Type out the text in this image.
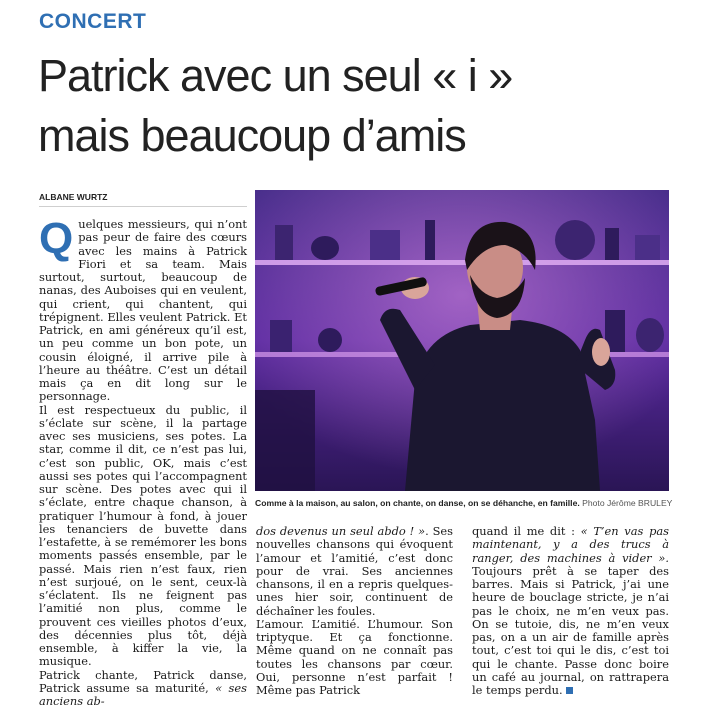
CONCERT
Patrick avec un seul « i »
mais beaucoup d’amis
ALBANE WURTZ

Quelques messieurs, qui n’ont pas peur de faire des cœurs avec les mains à Patrick Fiori et sa team. Mais surtout, surtout, beaucoup de nanas, des Auboises qui en veulent, qui crient, qui chantent, qui trépignent. Elles veulent Patrick. Et Patrick, en ami généreux qu’il est, un peu comme un bon pote, un cousin éloigné, il arrive pile à l’heure au théâtre. C’est un détail mais ça en dit long sur le personnage.

Il est respectueux du public, il s’éclate sur scène, il la partage avec ses musiciens, ses potes. La star, comme il dit, ce n’est pas lui, c’est son public, OK, mais c’est aussi ses potes qui l’accompagnent sur scène. Des potes avec qui il s’éclate, entre chaque chanson, à pratiquer l’humour à fond, à jouer les tenanciers de buvette dans l’estafette, à se remémorer les bons moments passés ensemble, par le passé. Mais rien n’est faux, rien n’est surjoué, on le sent, ceux-là s’éclatent. Ils ne feignent pas l’amitié non plus, comme le prouvent ces vieilles photos d’eux, des décennies plus tôt, déjà ensemble, à kiffer la vie, la musique.

Patrick chante, Patrick danse, Patrick assume sa maturité, « ses anciens ab-

dos devenus un seul abdo ! ». Ses nouvelles chansons qui évoquent l’amour et l’amitié, c’est donc pour de vrai. Ses anciennes chansons, il en a repris quelques-unes hier soir, continuent de déchaîner les foules.

L’amour. L’amitié. L’humour. Son triptyque. Et ça fonctionne. Même quand on ne connaît pas toutes les chansons par cœur. Oui, personne n’est parfait ! Même pas Patrick

quand il me dit : « T’en vas pas maintenant, y a des trucs à ranger, des machines à vider ». Toujours prêt à se taper des barres. Mais si Patrick, j’ai une heure de bouclage stricte, je n’ai pas le choix, ne m’en veux pas. On se tutoie, dis, ne m’en veux pas, on a un air de famille après tout, c’est toi qui le dis, c’est toi qui le chante. Passe donc boire un café au journal, on rattrapera le temps perdu.

Comme à la maison, au salon, on chante, on danse, on se déhanche, en famille. Photo Jérôme BRULEY
